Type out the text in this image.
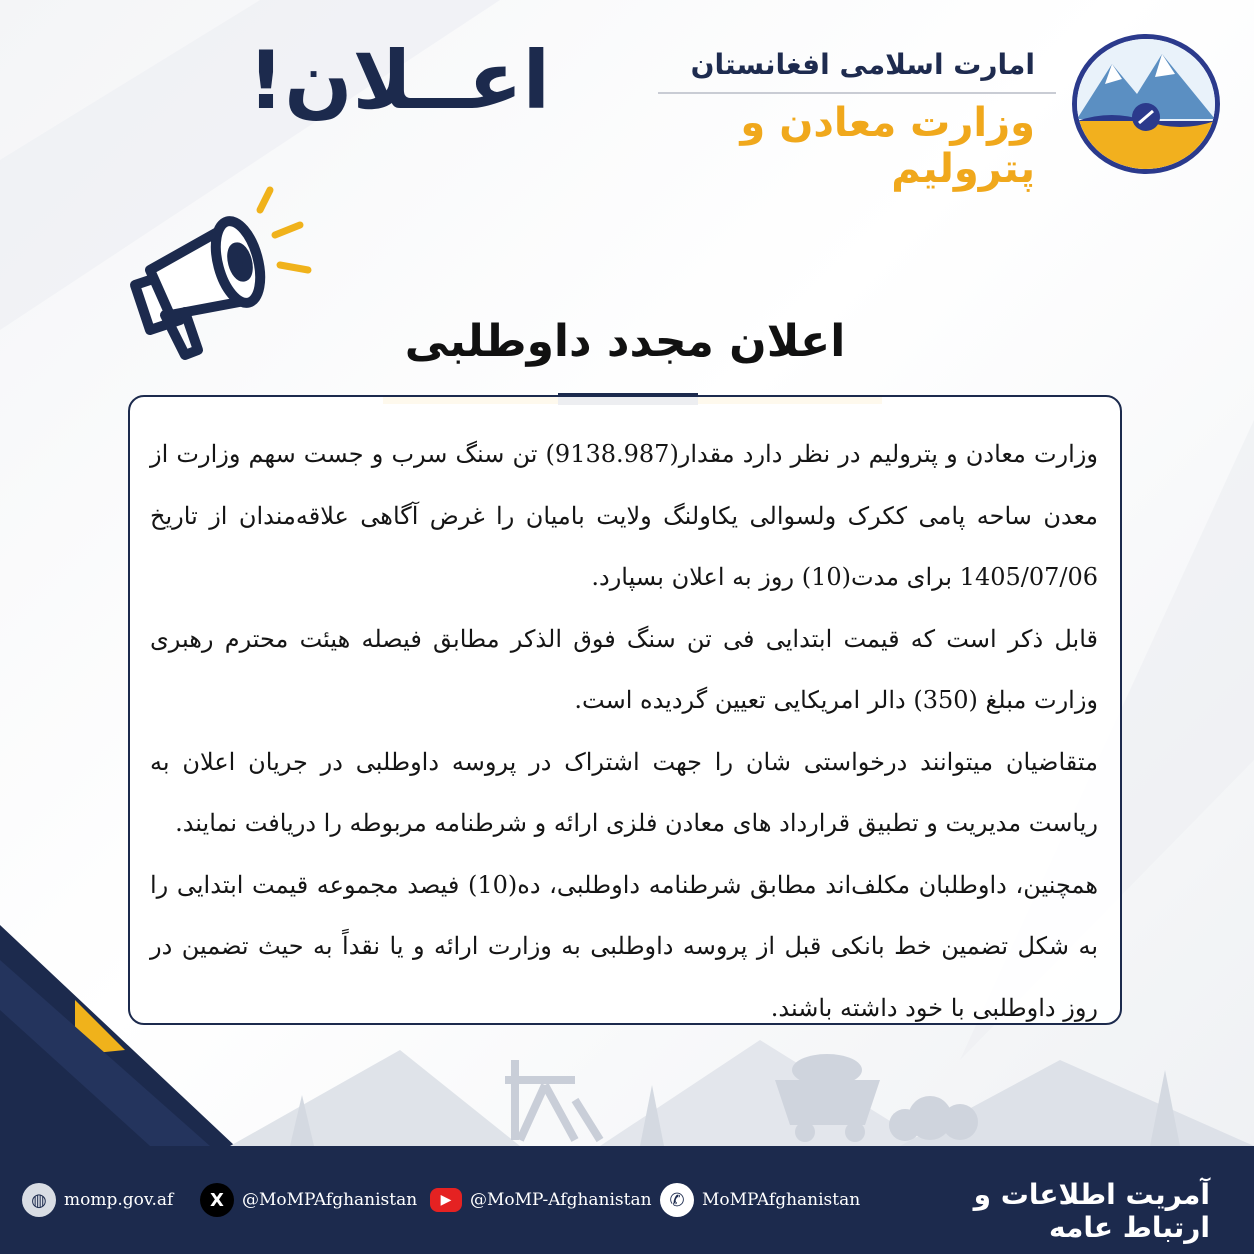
امارت اسلامی افغانستان
وزارت معادن و پترولیم
اعــلان!
اعلان مجدد داوطلبی

وزارت معادن و پترولیم در نظر دارد مقدار(9138.987) تن سنگ سرب و جست سهم وزارت از معدن ساحه پامی ککرک ولسوالی یکاولنگ ولایت بامیان را غرض آگاهی علاقه‌مندان از تاریخ 1405/07/06 برای مدت(10) روز به اعلان بسپارد.

قابل ذکر است که قیمت ابتدایی فی تن سنگ فوق الذکر مطابق فیصله هیئت محترم رهبری وزارت مبلغ (350) دالر امریکایی تعیین گردیده است.

متقاضیان میتوانند درخواستی شان را جهت اشتراک در پروسه داوطلبی در جریان اعلان به ریاست مدیریت و تطبیق قرارداد های معادن فلزی ارائه و شرطنامه مربوطه را دریافت نمایند.

همچنین، داوطلبان مکلف‌اند مطابق شرطنامه داوطلبی، ده(10) فیصد مجموعه قیمت ابتدایی را به شکل تضمین خط بانکی قبل از پروسه داوطلبی به وزارت ارائه و یا نقداً به حیث تضمین در روز داوطلبی با خود داشته باشند.

آمریت اطلاعات و ارتباط عامه
✆	MoMPAfghanistan
▶	@MoMP-Afghanistan
X	@MoMPAfghanistan
◍	momp.gov.af
